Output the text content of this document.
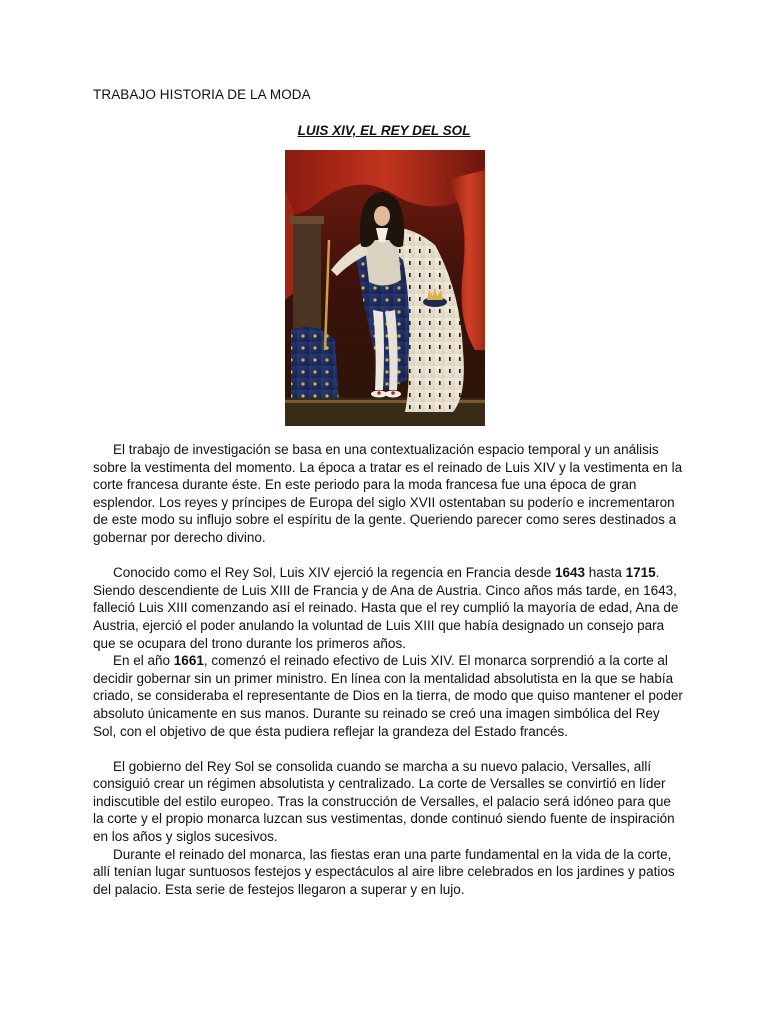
TRABAJO HISTORIA DE LA MODA
LUIS XIV, EL REY DEL SOL

El trabajo de investigación se basa en una contextualización espacio temporal y un análisis sobre la vestimenta del momento. La época a tratar es el reinado de Luis XIV y la vestimenta en la corte francesa durante éste. En este periodo para la moda francesa fue una época de gran esplendor. Los reyes y príncipes de Europa del siglo XVII ostentaban su poderío e incrementaron de este modo su influjo sobre el espíritu de la gente. Queriendo parecer como seres destinados a gobernar por derecho divino.

Conocido como el Rey Sol, Luis XIV ejerció la regencia en Francia desde 1643 hasta 1715. Siendo descendiente de Luis XIII de Francia y de Ana de Austria. Cinco años más tarde, en 1643, falleció Luis XIII comenzando así el reinado. Hasta que el rey cumplió la mayoría de edad, Ana de Austria, ejerció el poder anulando la voluntad de Luis XIII que había designado un consejo para que se ocupara del trono durante los primeros años.

En el año 1661, comenzó el reinado efectivo de Luis XIV. El monarca sorprendió a la corte al decidir gobernar sin un primer ministro. En línea con la mentalidad absolutista en la que se había criado, se consideraba el representante de Dios en la tierra, de modo que quiso mantener el poder absoluto únicamente en sus manos. Durante su reinado se creó una imagen simbólica del Rey Sol, con el objetivo de que ésta pudiera reflejar la grandeza del Estado francés.

El gobierno del Rey Sol se consolida cuando se marcha a su nuevo palacio, Versalles, allí consiguió crear un régimen absolutista y centralizado. La corte de Versalles se convirtió en líder indiscutible del estilo europeo. Tras la construcción de Versalles, el palacio será idóneo para que la corte y el propio monarca luzcan sus vestimentas, donde continuó siendo fuente de inspiración en los años y siglos sucesivos.

Durante el reinado del monarca, las fiestas eran una parte fundamental en la vida de la corte, allí tenían lugar suntuosos festejos y espectáculos al aire libre celebrados en los jardines y patios del palacio. Esta serie de festejos llegaron a superar y en lujo.
